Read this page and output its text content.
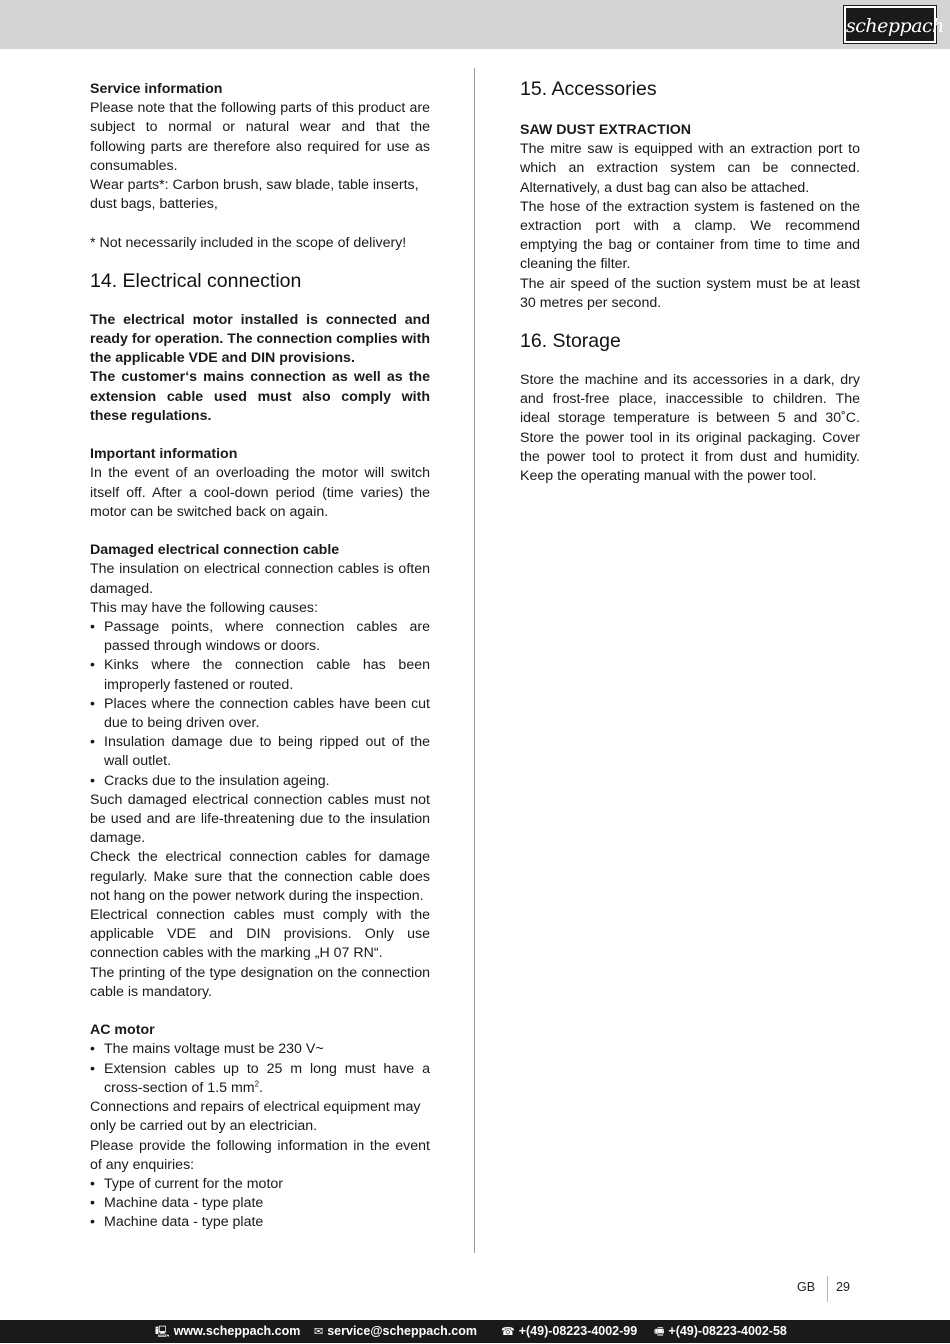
scheppach

Service information

Please note that the following parts of this product are subject to normal or natural wear and that the following parts are therefore also required for use as consumables.

Wear parts*: Carbon brush, saw blade, table inserts, dust bags, batteries,

* Not necessarily included in the scope of delivery!

14. Electrical connection

The electrical motor installed is connected and ready for operation. The connection complies with the applicable VDE and DIN provisions.

The customer‘s mains connection as well as the extension cable used must also comply with these regulations.

Important information

In the event of an overloading the motor will switch itself off. After a cool-down period (time varies) the motor can be switched back on again.

Damaged electrical connection cable

The insulation on electrical connection cables is often damaged.

This may have the following causes:

• Passage points, where connection cables are passed through windows or doors.
• Kinks where the connection cable has been improperly fastened or routed.
• Places where the connection cables have been cut due to being driven over.
• Insulation damage due to being ripped out of the wall outlet.
• Cracks due to the insulation ageing.

Such damaged electrical connection cables must not be used and are life-threatening due to the insulation damage.

Check the electrical connection cables for damage regularly. Make sure that the connection cable does not hang on the power network during the inspection.

Electrical connection cables must comply with the applicable VDE and DIN provisions. Only use connection cables with the marking „H 07 RN“.

The printing of the type designation on the connection cable is mandatory.

AC motor

• The mains voltage must be 230 V~
• Extension cables up to 25 m long must have a cross-section of 1.5 $mm^2$.

Connections and repairs of electrical equipment may only be carried out by an electrician.

Please provide the following information in the event of any enquiries:

• Type of current for the motor
• Machine data - type plate
• Machine data - type plate
15. Accessories

SAW DUST EXTRACTION

The mitre saw is equipped with an extraction port to which an extraction system can be connected. Alternatively, a dust bag can also be attached.

The hose of the extraction system is fastened on the extraction port with a clamp. We recommend emptying the bag or container from time to time and cleaning the filter.

The air speed of the suction system must be at least 30 metres per second.

16. Storage

Store the machine and its accessories in a dark, dry and frost-free place, inaccessible to children. The ideal storage temperature is between 5 and 30˚C. Store the power tool in its original packaging. Cover the power tool to protect it from dust and humidity. Keep the operating manual with the power tool.

GB 29
🖳 www.scheppach.com ✉ service@scheppach.com ☎ +(49)-08223-4002-99 🖷 +(49)-08223-4002-58
